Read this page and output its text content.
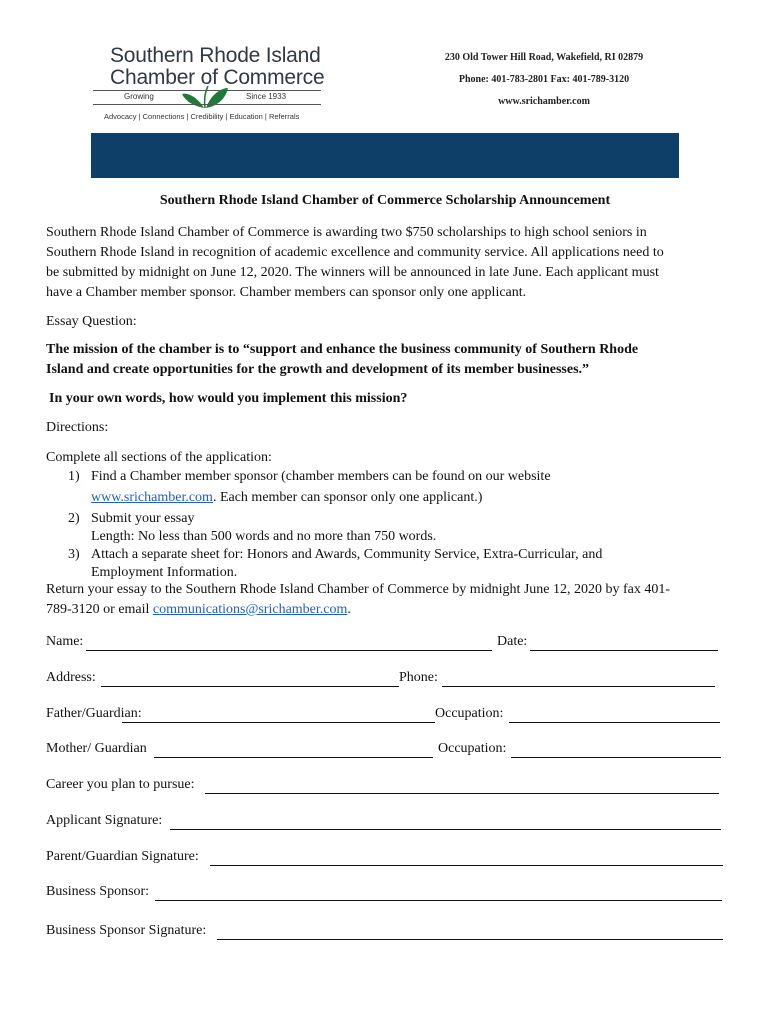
Southern Rhode Island
Chamber of Commerce
Growing	Since 1933
Advocacy | Connections | Credibility | Education | Referrals
230 Old Tower Hill Road, Wakefield, RI 02879
Phone: 401-783-2801 Fax: 401-789-3120
www.srichamber.com
Southern Rhode Island Chamber of Commerce Scholarship Announcement
Southern Rhode Island Chamber of Commerce is awarding two $750 scholarships to high school seniors in
Southern Rhode Island in recognition of academic excellence and community service. All applications need to
be submitted by midnight on June 12, 2020. The winners will be announced in late June. Each applicant must
have a Chamber member sponsor. Chamber members can sponsor only one applicant.
Essay Question:
The mission of the chamber is to “support and enhance the business community of Southern Rhode
Island and create opportunities for the growth and development of its member businesses.”
In your own words, how would you implement this mission?
Directions:
Complete all sections of the application:
1) Find a Chamber member sponsor (chamber members can be found on our website
www.srichamber.com. Each member can sponsor only one applicant.)
2) Submit your essay
Length: No less than 500 words and no more than 750 words.
3) Attach a separate sheet for: Honors and Awards, Community Service, Extra-Curricular, and
Employment Information.
Return your essay to the Southern Rhode Island Chamber of Commerce by midnight June 12, 2020 by fax 401-
789-3120 or email communications@srichamber.com.
Name:	Date:
Address:	Phone:
Father/Guardian:	Occupation:
Mother/ Guardian	Occupation:
Career you plan to pursue:
Applicant Signature:
Parent/Guardian Signature:
Business Sponsor:
Business Sponsor Signature:
